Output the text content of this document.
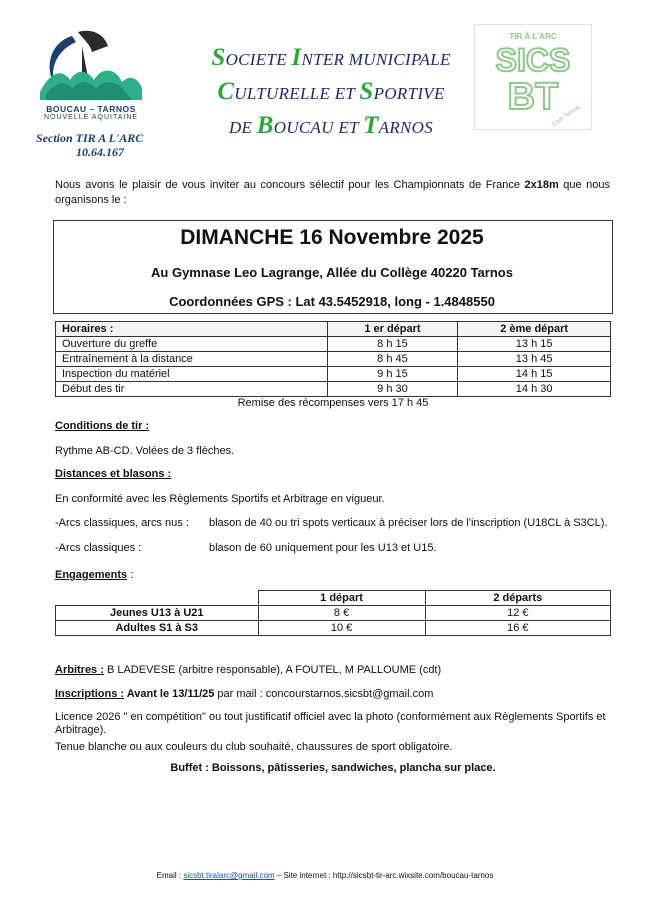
BOUCAU – TARNOS
NOUVELLE AQUITAINE
Section TIR A L'ARC
10.64.167
SOCIETE INTER MUNICIPALE
CULTURELLE ET SPORTIVE
DE BOUCAU ET TARNOS
TIR À L'ARC
SICS
BT
Club Tarnos
Nous avons le plaisir de vous inviter au concours sélectif pour les Championnats de France 2x18m que nous organisons le :
DIMANCHE 16 Novembre 2025
Au Gymnase Leo Lagrange, Allée du Collège 40220 Tarnos
Coordonnées GPS : Lat 43.5452918, long - 1.4848550
Horaires :	1 er départ	2 ème départ
Ouverture du greffe	8 h 15	13 h 15
Entraînement à la distance	8 h 45	13 h 45
Inspection du matériel	9 h 15	14 h 15
Début des tir	9 h 30	14 h 30
Remise des récompenses vers 17 h 45
Conditions de tir :
Rythme AB-CD. Volées de 3 flèches.
Distances et blasons :
En conformité avec les Règlements Sportifs et Arbitrage en vigueur.
-Arcs classiques, arcs nus : blason de 40 ou tri spots verticaux à préciser lors de l'inscription (U18CL à S3CL).
-Arcs classiques :	blason de 60 uniquement pour les U13 et U15.
Engagements :
	1 départ	2 départs
Jeunes U13 à U21	8 €	12 €
Adultes S1 à S3	10 €	16 €
Arbitres : B LADEVESE (arbitre responsable), A FOUTEL, M PALLOUME (cdt)
Inscriptions : Avant le 13/11/25 par mail : concourstarnos.sicsbt@gmail.com
Licence 2026 " en compétition" ou tout justificatif officiel avec la photo (conformément aux Règlements Sportifs et Arbitrage).
Tenue blanche ou aux couleurs du club souhaité, chaussures de sport obligatoire.
Buffet : Boissons, pâtisseries, sandwiches, plancha sur place.
Email : sicsbt.tiralarc@gmail.com – Site internet : http://sicsbt-tir-arc.wixsite.com/boucau-tarnos
